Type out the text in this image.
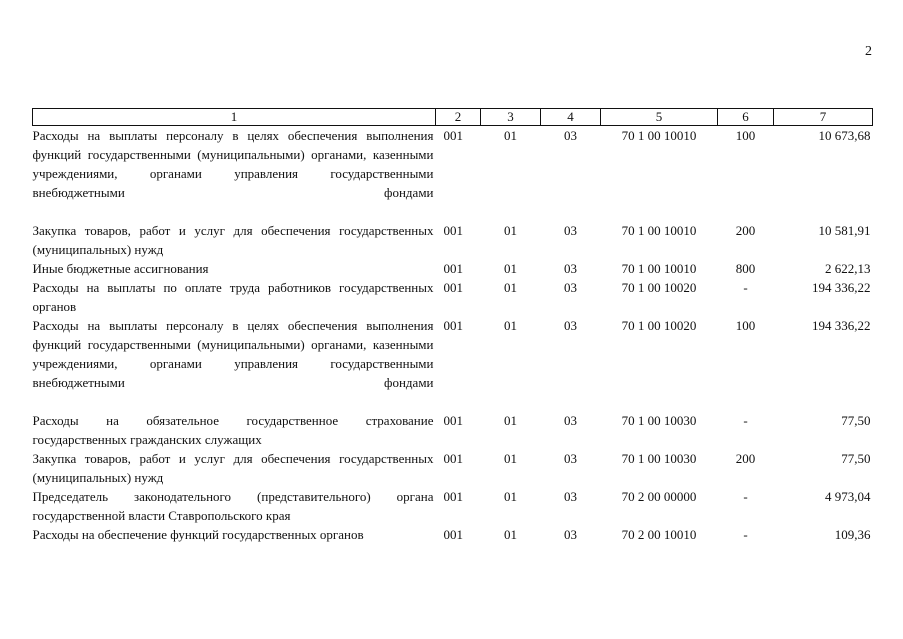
2
1	2	3	4	5	6	7
Расходы на выплаты персоналу в целях обеспечения выполнения функций государственными (муниципальными) органами, казенными учреждениями, органами управления государственными внебюджетными фондами	001	01	03	70 1 00 10010	100	10 673,68

Закупка товаров, работ и услуг для обеспечения государственных (муниципальных) нужд	001	01	03	70 1 00 10010	200	10 581,91
Иные бюджетные ассигнования	001	01	03	70 1 00 10010	800	2 622,13
Расходы на выплаты по оплате труда работников государственных органов	001	01	03	70 1 00 10020	-	194 336,22
Расходы на выплаты персоналу в целях обеспечения выполнения функций государственными (муниципальными) органами, казенными учреждениями, органами управления государственными внебюджетными фондами	001	01	03	70 1 00 10020	100	194 336,22

Расходы на обязательное государственное страхование государственных гражданских служащих	001	01	03	70 1 00 10030	-	77,50
Закупка товаров, работ и услуг для обеспечения государственных (муниципальных) нужд	001	01	03	70 1 00 10030	200	77,50
Председатель законодательного (представительного) органа государственной власти Ставропольского края	001	01	03	70 2 00 00000	-	4 973,04
Расходы на обеспечение функций государственных органов	001	01	03	70 2 00 10010	-	109,36
